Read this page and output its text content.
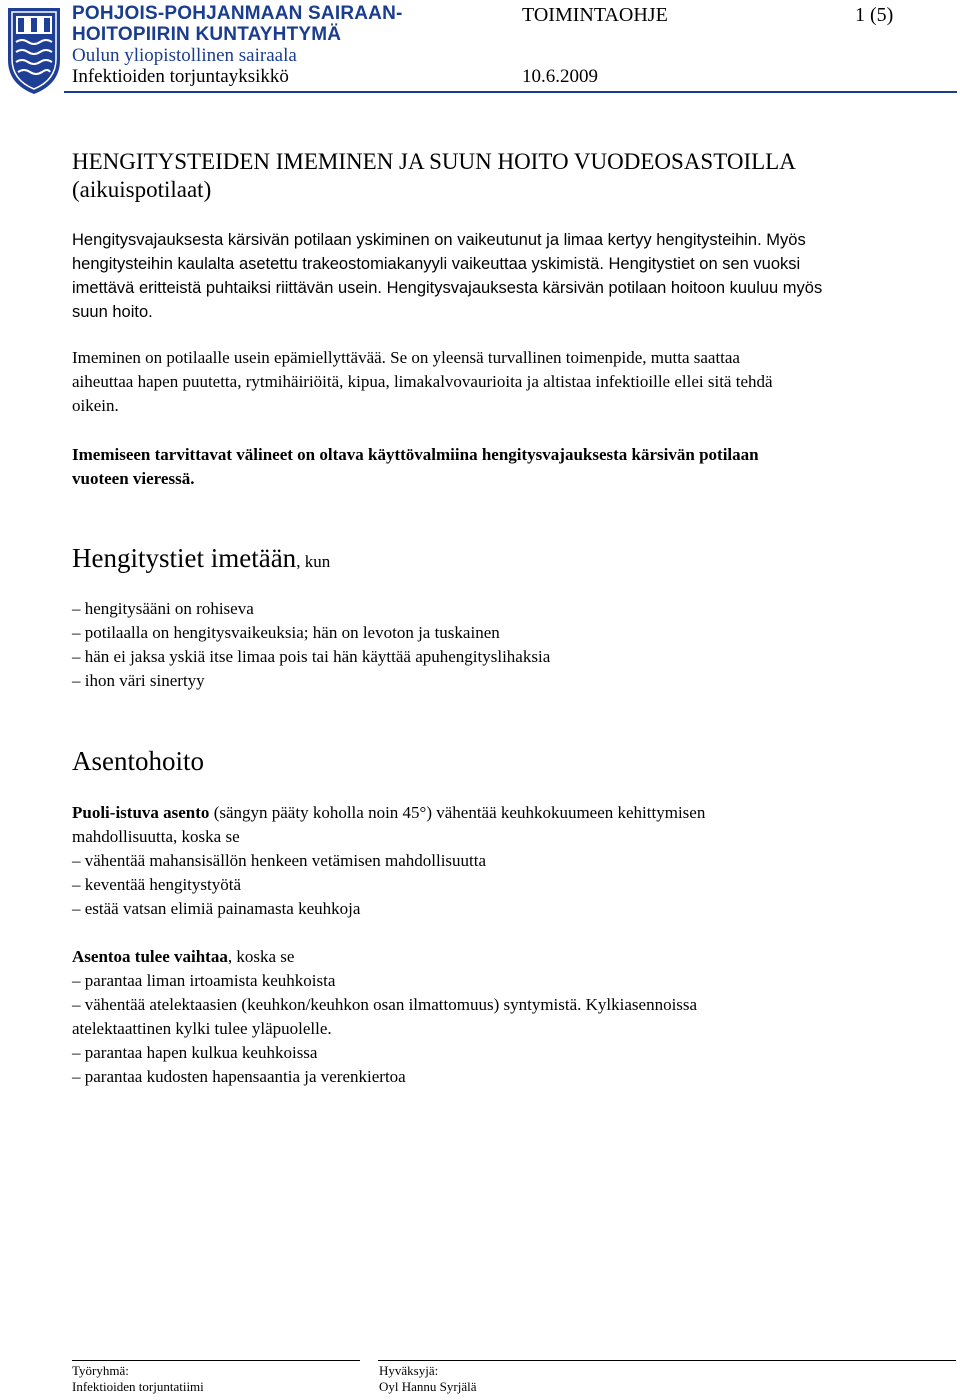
POHJOIS-POHJANMAAN SAIRAAN-
HOITOPIIRIN KUNTAYHTYMÄ
Oulun yliopistollinen sairaala
Infektioiden torjuntayksikkö
TOIMINTAOHJE	1 (5)
10.6.2009
HENGITYSTEIDEN IMEMINEN JA SUUN HOITO VUODEOSASTOILLA
(aikuispotilaat)
Hengitysvajauksesta kärsivän potilaan yskiminen on vaikeutunut ja limaa kertyy hengitysteihin. Myös
hengitysteihin kaulalta asetettu trakeostomiakanyyli vaikeuttaa yskimistä. Hengitystiet on sen vuoksi
imettävä eritteistä puhtaiksi riittävän usein. Hengitysvajauksesta kärsivän potilaan hoitoon kuuluu myös
suun hoito.
Imeminen on potilaalle usein epämiellyttävää. Se on yleensä turvallinen toimenpide, mutta saattaa
aiheuttaa hapen puutetta, rytmihäiriöitä, kipua, limakalvovaurioita ja altistaa infektioille ellei sitä tehdä
oikein.
Imemiseen tarvittavat välineet on oltava käyttövalmiina hengitysvajauksesta kärsivän potilaan
vuoteen vieressä.
Hengitystiet imetään, kun
– hengitysääni on rohiseva
– potilaalla on hengitysvaikeuksia; hän on levoton ja tuskainen
– hän ei jaksa yskiä itse limaa pois tai hän käyttää apuhengityslihaksia
– ihon väri sinertyy
Asentohoito
Puoli-istuva asento (sängyn pääty koholla noin 45°) vähentää keuhkokuumeen kehittymisen
mahdollisuutta, koska se
– vähentää mahansisällön henkeen vetämisen mahdollisuutta
– keventää hengitystyötä
– estää vatsan elimiä painamasta keuhkoja
Asentoa tulee vaihtaa, koska se
– parantaa liman irtoamista keuhkoista
– vähentää atelektaasien (keuhkon/keuhkon osan ilmattomuus) syntymistä. Kylkiasennoissa
atelektaattinen kylki tulee yläpuolelle.
– parantaa hapen kulkua keuhkoissa
– parantaa kudosten hapensaantia ja verenkiertoa
Työryhmä:
Infektioiden torjuntatiimi
Hyväksyjä:
Oyl Hannu Syrjälä
